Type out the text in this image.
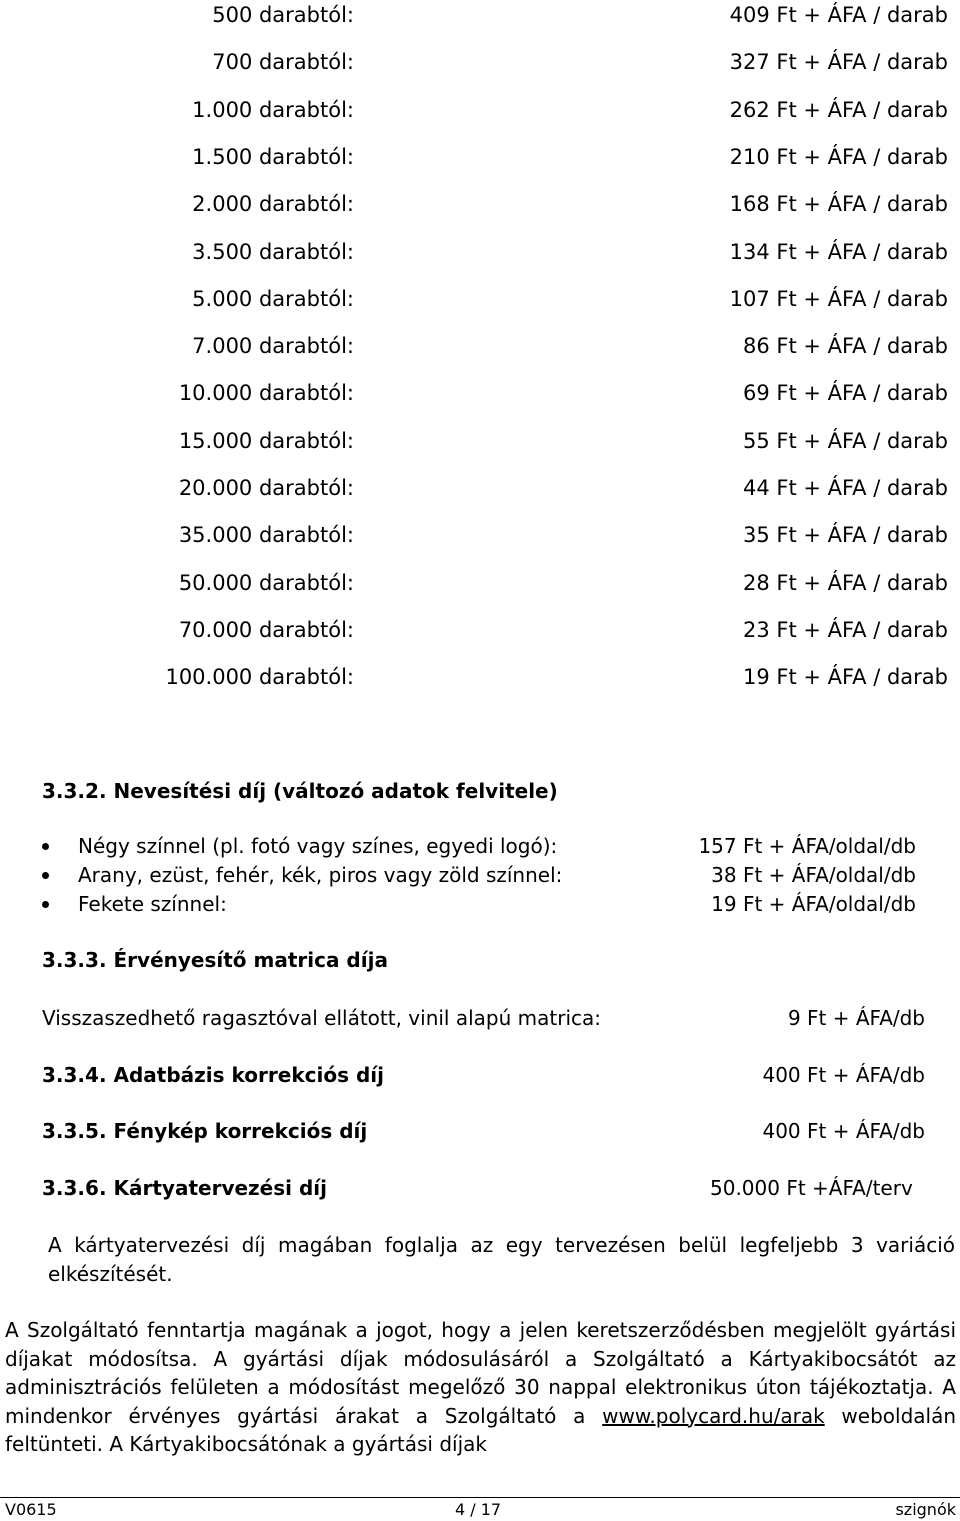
500 darabtól:	409 Ft + ÁFA / darab
700 darabtól:	327 Ft + ÁFA / darab
1.000 darabtól:	262 Ft + ÁFA / darab
1.500 darabtól:	210 Ft + ÁFA / darab
2.000 darabtól:	168 Ft + ÁFA / darab
3.500 darabtól:	134 Ft + ÁFA / darab
5.000 darabtól:	107 Ft + ÁFA / darab
7.000 darabtól:	86 Ft + ÁFA / darab
10.000 darabtól:	69 Ft + ÁFA / darab
15.000 darabtól:	55 Ft + ÁFA / darab
20.000 darabtól:	44 Ft + ÁFA / darab
35.000 darabtól:	35 Ft + ÁFA / darab
50.000 darabtól:	28 Ft + ÁFA / darab
70.000 darabtól:	23 Ft + ÁFA / darab
100.000 darabtól:	19 Ft + ÁFA / darab
3.3.2. Nevesítési díj (változó adatok felvitele)
Négy színnel (pl. fotó vagy színes, egyedi logó):	157 Ft + ÁFA/oldal/db
Arany, ezüst, fehér, kék, piros vagy zöld színnel:	38 Ft + ÁFA/oldal/db
Fekete színnel:	19 Ft + ÁFA/oldal/db
3.3.3. Érvényesítő matrica díja
Visszaszedhető ragasztóval ellátott, vinil alapú matrica:	9 Ft + ÁFA/db
3.3.4. Adatbázis korrekciós díj	400 Ft + ÁFA/db
3.3.5. Fénykép korrekciós díj	400 Ft + ÁFA/db
3.3.6. Kártyatervezési díj	50.000 Ft +ÁFA/terv
A kártyatervezési díj magában foglalja az egy tervezésen belül legfeljebb 3 variáció elkészítését.
A Szolgáltató fenntartja magának a jogot, hogy a jelen keretszerződésben megjelölt gyártási díjakat módosítsa. A gyártási díjak módosulásáról a Szolgáltató a Kártyakibocsátót az adminisztrációs felületen a módosítást megelőző 30 nappal elektronikus úton tájékoztatja. A mindenkor érvényes gyártási árakat a Szolgáltató a www.polycard.hu/arak weboldalán feltünteti. A Kártyakibocsátónak a gyártási díjak
V0615	4 / 17	szignók
